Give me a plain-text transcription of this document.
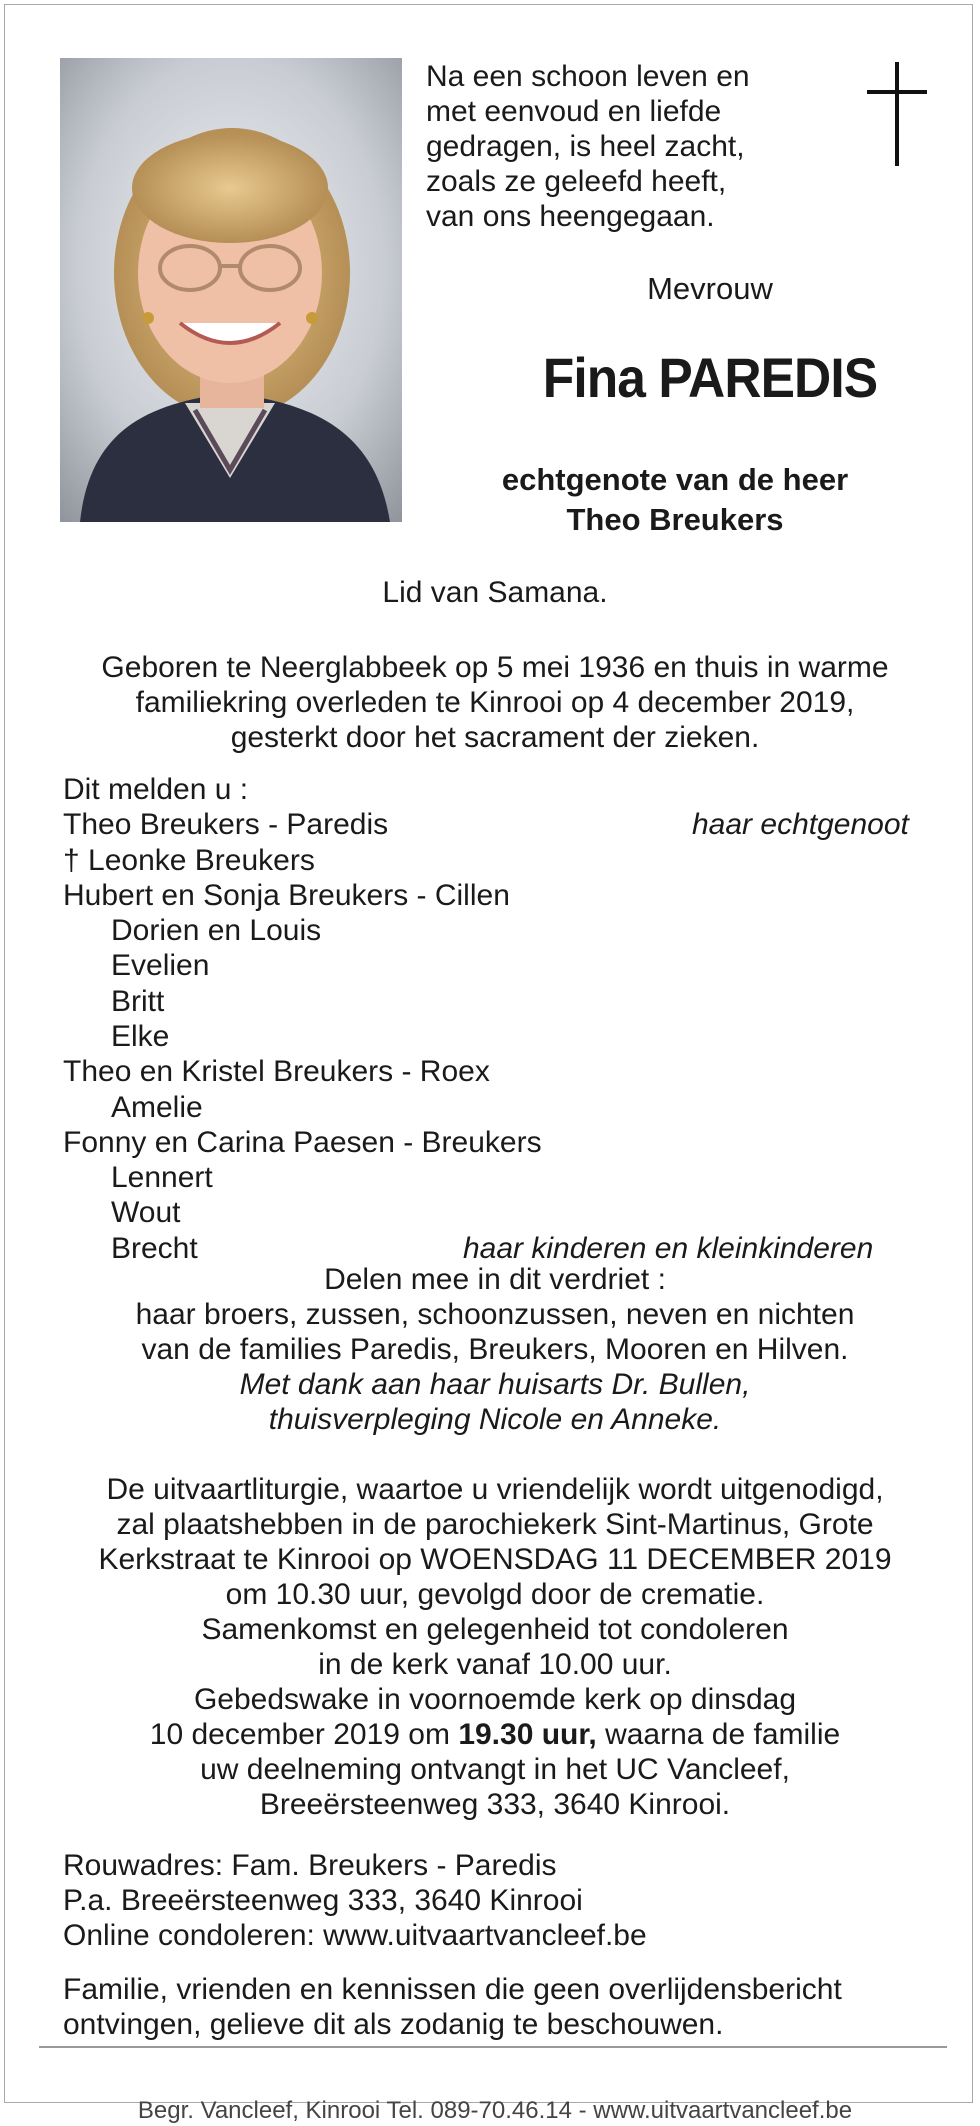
Na een schoon leven en
met eenvoud en liefde
gedragen, is heel zacht,
zoals ze geleefd heeft,
van ons heengegaan.
Mevrouw
Fina PAREDIS
echtgenote van de heer
Theo Breukers
Lid van Samana.
Geboren te Neerglabbeek op 5 mei 1936 en thuis in warme
familiekring overleden te Kinrooi op 4 december 2019,
gesterkt door het sacrament der zieken.
Dit melden u :
Theo Breukers - Paredis	haar echtgenoot
† Leonke Breukers
Hubert en Sonja Breukers - Cillen
Dorien en Louis
Evelien
Britt
Elke
Theo en Kristel Breukers - Roex
Amelie
Fonny en Carina Paesen - Breukers
Lennert
Wout
Brecht	haar kinderen en kleinkinderen
Delen mee in dit verdriet :
haar broers, zussen, schoonzussen, neven en nichten
van de families Paredis, Breukers, Mooren en Hilven.
Met dank aan haar huisarts Dr. Bullen,
thuisverpleging Nicole en Anneke.
De uitvaartliturgie, waartoe u vriendelijk wordt uitgenodigd,
zal plaatshebben in de parochiekerk Sint-Martinus, Grote
Kerkstraat te Kinrooi op WOENSDAG 11 DECEMBER 2019
om 10.30 uur, gevolgd door de crematie.
Samenkomst en gelegenheid tot condoleren
in de kerk vanaf 10.00 uur.
Gebedswake in voornoemde kerk op dinsdag
10 december 2019 om 19.30 uur, waarna de familie
uw deelneming ontvangt in het UC Vancleef,
Breeërsteenweg 333, 3640 Kinrooi.
Rouwadres: Fam. Breukers - Paredis
P.a. Breeërsteenweg 333, 3640 Kinrooi
Online condoleren: www.uitvaartvancleef.be
Familie, vrienden en kennissen die geen overlijdensbericht
ontvingen, gelieve dit als zodanig te beschouwen.
Begr. Vancleef, Kinrooi Tel. 089-70.46.14 - www.uitvaartvancleef.be
